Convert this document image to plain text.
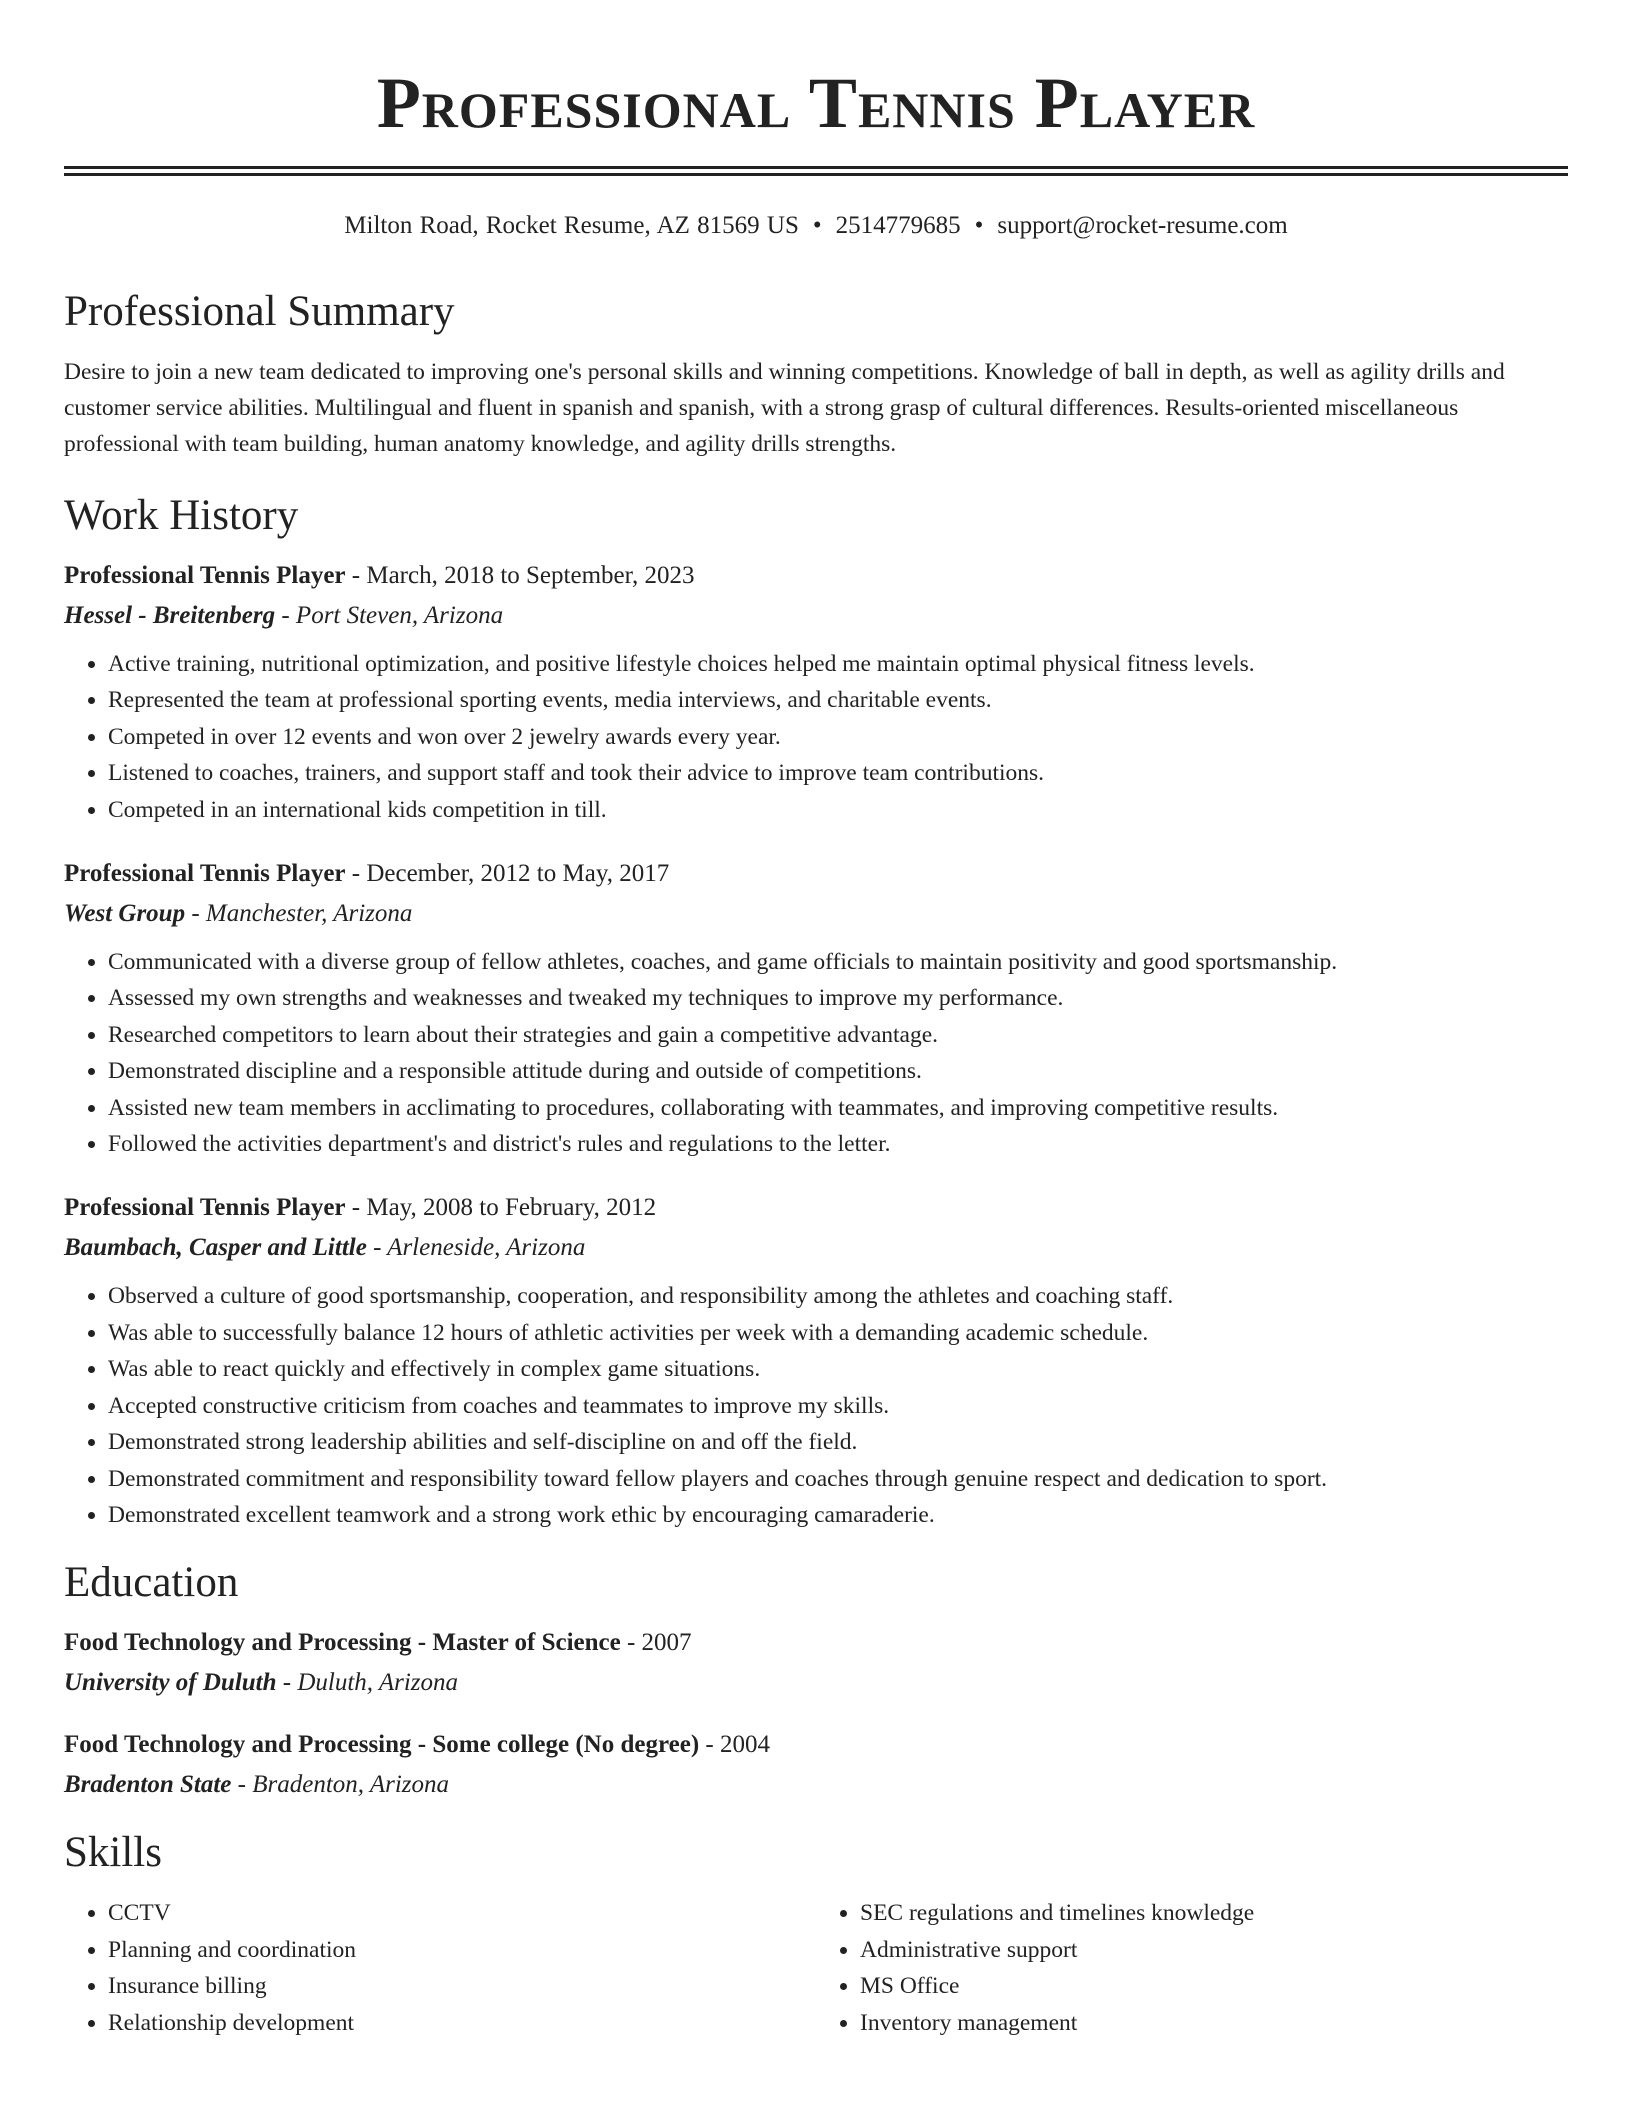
Professional Tennis Player
Milton Road, Rocket Resume, AZ 81569 US • 2514779685 • support@rocket-resume.com
Professional Summary

Desire to join a new team dedicated to improving one's personal skills and winning competitions. Knowledge of ball in depth, as well as agility drills and customer service abilities. Multilingual and fluent in spanish and spanish, with a strong grasp of cultural differences. Results-oriented miscellaneous professional with team building, human anatomy knowledge, and agility drills strengths.

Work History
Professional Tennis Player - March, 2018 to September, 2023
Hessel - Breitenberg - Port Steven, Arizona
• Active training, nutritional optimization, and positive lifestyle choices helped me maintain optimal physical fitness levels.
• Represented the team at professional sporting events, media interviews, and charitable events.
• Competed in over 12 events and won over 2 jewelry awards every year.
• Listened to coaches, trainers, and support staff and took their advice to improve team contributions.
• Competed in an international kids competition in till.
Professional Tennis Player - December, 2012 to May, 2017
West Group - Manchester, Arizona
• Communicated with a diverse group of fellow athletes, coaches, and game officials to maintain positivity and good sportsmanship.
• Assessed my own strengths and weaknesses and tweaked my techniques to improve my performance.
• Researched competitors to learn about their strategies and gain a competitive advantage.
• Demonstrated discipline and a responsible attitude during and outside of competitions.
• Assisted new team members in acclimating to procedures, collaborating with teammates, and improving competitive results.
• Followed the activities department's and district's rules and regulations to the letter.
Professional Tennis Player - May, 2008 to February, 2012
Baumbach, Casper and Little - Arleneside, Arizona
• Observed a culture of good sportsmanship, cooperation, and responsibility among the athletes and coaching staff.
• Was able to successfully balance 12 hours of athletic activities per week with a demanding academic schedule.
• Was able to react quickly and effectively in complex game situations.
• Accepted constructive criticism from coaches and teammates to improve my skills.
• Demonstrated strong leadership abilities and self-discipline on and off the field.
• Demonstrated commitment and responsibility toward fellow players and coaches through genuine respect and dedication to sport.
• Demonstrated excellent teamwork and a strong work ethic by encouraging camaraderie.
Education
Food Technology and Processing - Master of Science - 2007
University of Duluth - Duluth, Arizona
Food Technology and Processing - Some college (No degree) - 2004
Bradenton State - Bradenton, Arizona
Skills
• CCTV
• Planning and coordination
• Insurance billing
• Relationship development
• SEC regulations and timelines knowledge
• Administrative support
• MS Office
• Inventory management
